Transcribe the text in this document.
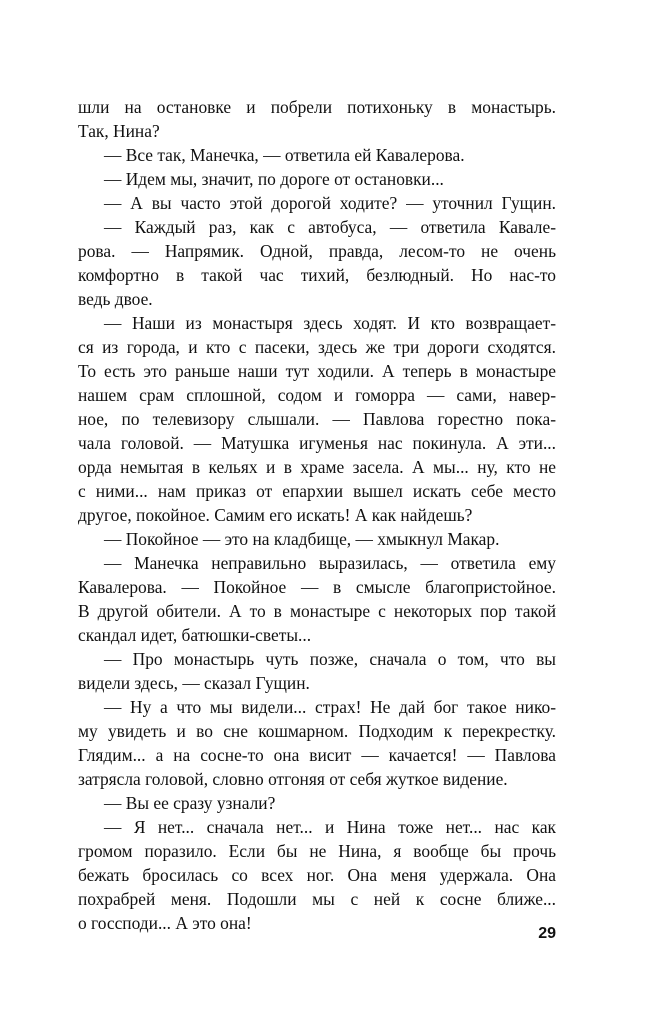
шли на остановке и побрели потихоньку в монастырь.
Так, Нина?
— Все так, Манечка, — ответила ей Кавалерова.
— Идем мы, значит, по дороге от остановки...
— А вы часто этой дорогой ходите? — уточнил Гущин.
— Каждый раз, как с автобуса, — ответила Кавале-
рова. — Напрямик. Одной, правда, лесом-то не очень
комфортно в такой час тихий, безлюдный. Но нас-то
ведь двое.
— Наши из монастыря здесь ходят. И кто возвращает-
ся из города, и кто с пасеки, здесь же три дороги сходятся.
То есть это раньше наши тут ходили. А теперь в монастыре
нашем срам сплошной, содом и гоморра — сами, навер-
ное, по телевизору слышали. — Павлова горестно пока-
чала головой. — Матушка игуменья нас покинула. А эти...
орда немытая в кельях и в храме засела. А мы... ну, кто не
с ними... нам приказ от епархии вышел искать себе место
другое, покойное. Самим его искать! А как найдешь?
— Покойное — это на кладбище, — хмыкнул Макар.
— Манечка неправильно выразилась, — ответила ему
Кавалерова. — Покойное — в смысле благопристойное.
В другой обители. А то в монастыре с некоторых пор такой
скандал идет, батюшки-светы...
— Про монастырь чуть позже, сначала о том, что вы
видели здесь, — сказал Гущин.
— Ну а что мы видели... страх! Не дай бог такое нико-
му увидеть и во сне кошмарном. Подходим к перекрестку.
Глядим... а на сосне-то она висит — качается! — Павлова
затрясла головой, словно отгоняя от себя жуткое видение.
— Вы ее сразу узнали?
— Я нет... сначала нет... и Нина тоже нет... нас как
громом поразило. Если бы не Нина, я вообще бы прочь
бежать бросилась со всех ног. Она меня удержала. Она
похрабрей меня. Подошли мы с ней к сосне ближе...
о госсподи... А это она!
29
